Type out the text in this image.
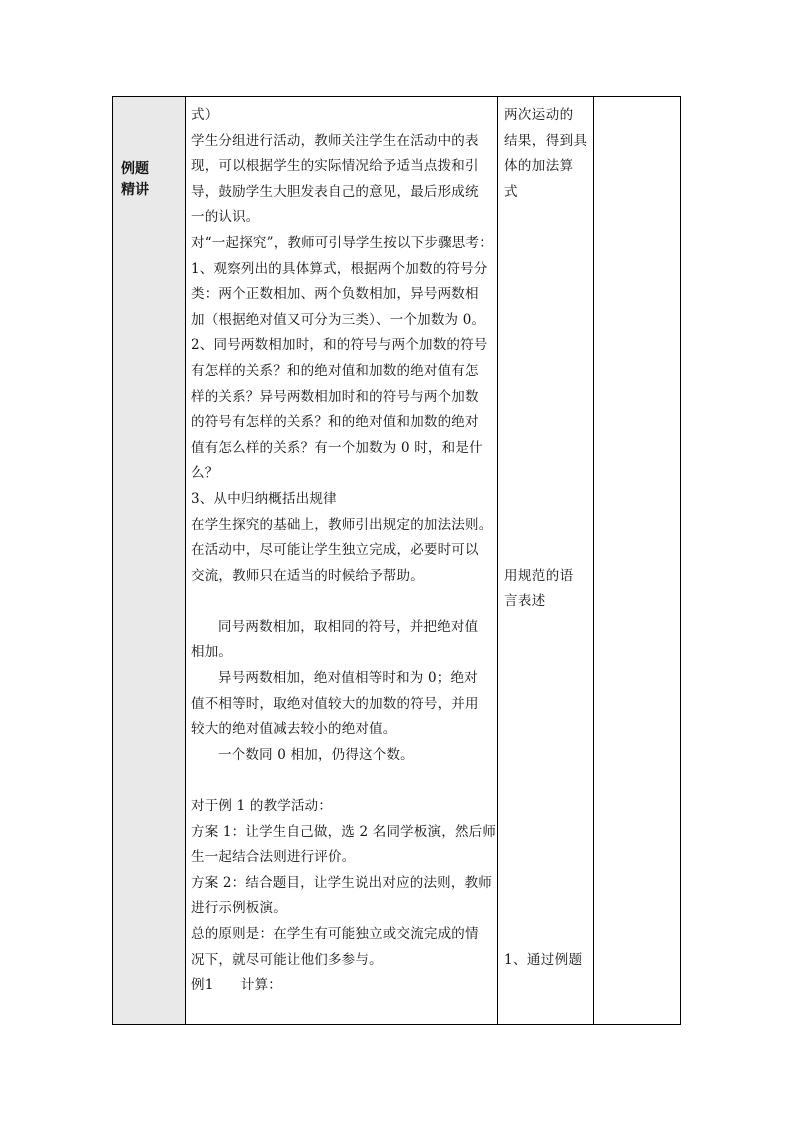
例题
精讲
式）
学生分组进行活动，教师关注学生在活动中的表
现，可以根据学生的实际情况给予适当点拨和引
导，鼓励学生大胆发表自己的意见，最后形成统
一的认识。
对“一起探究”，教师可引导学生按以下步骤思考：
1、观察列出的具体算式，根据两个加数的符号分
类：两个正数相加、两个负数相加，异号两数相
加（根据绝对值又可分为三类）、一个加数为 0。
2、同号两数相加时，和的符号与两个加数的符号
有怎样的关系？和的绝对值和加数的绝对值有怎
样的关系？异号两数相加时和的符号与两个加数
的符号有怎样的关系？和的绝对值和加数的绝对
值有怎么样的关系？有一个加数为 0 时，和是什
么？
3、从中归纳概括出规律
在学生探究的基础上，教师引出规定的加法法则。
在活动中，尽可能让学生独立完成，必要时可以
交流，教师只在适当的时候给予帮助。
同号两数相加，取相同的符号，并把绝对值
相加。
异号两数相加，绝对值相等时和为 0；绝对
值不相等时，取绝对值较大的加数的符号，并用
较大的绝对值减去较小的绝对值。
一个数同 0 相加，仍得这个数。
对于例 1 的教学活动：
方案 1：让学生自己做，选 2 名同学板演，然后师
生一起结合法则进行评价。
方案 2：结合题目，让学生说出对应的法则，教师
进行示例板演。
总的原则是：在学生有可能独立或交流完成的情
况下，就尽可能让他们多参与。
例1　　计算：
两次运动的
结果，得到具
体的加法算
式
用规范的语
言表述
1、通过例题
